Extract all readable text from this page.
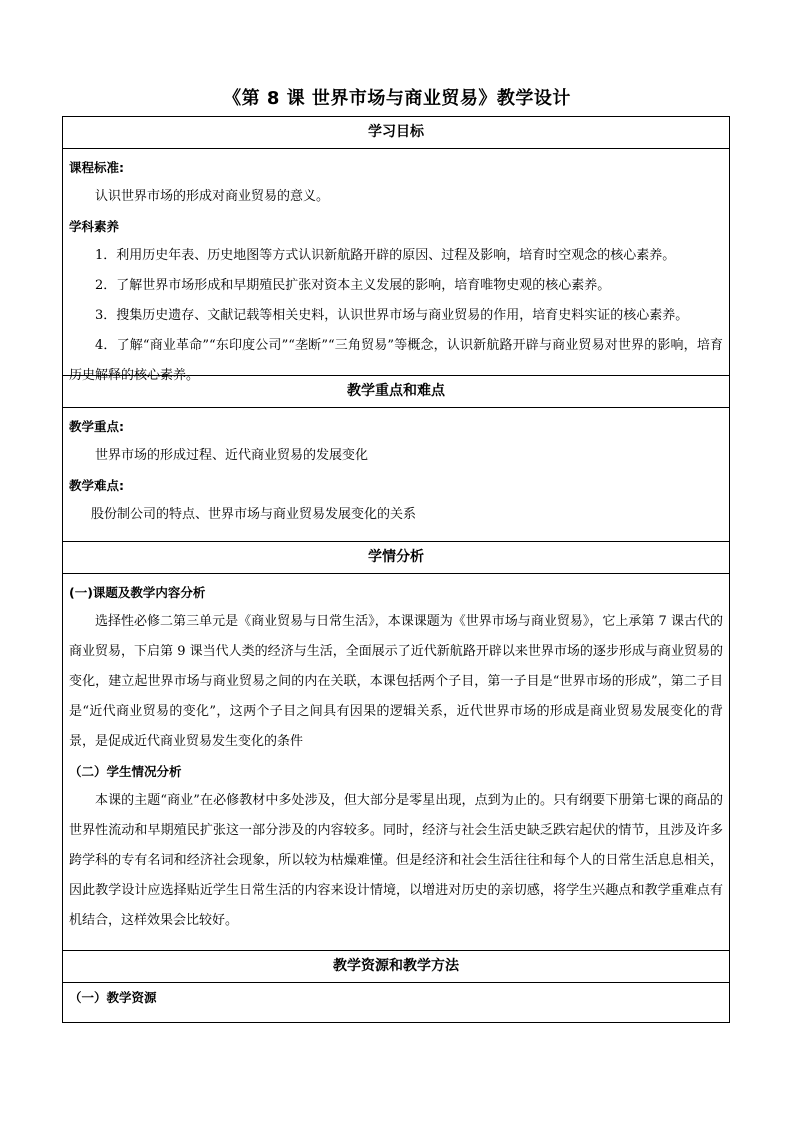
《第 8 课 世界市场与商业贸易》教学设计
学习目标
课程标准:

认识世界市场的形成对商业贸易的意义。

学科素养

1．利用历史年表、历史地图等方式认识新航路开辟的原因、过程及影响，培育时空观念的核心素养。

2．了解世界市场形成和早期殖民扩张对资本主义发展的影响，培育唯物史观的核心素养。

3．搜集历史遗存、文献记载等相关史料，认识世界市场与商业贸易的作用，培育史料实证的核心素养。

4．了解“商业革命”“东印度公司”“垄断”“三角贸易”等概念，认识新航路开辟与商业贸易对世界的影响，培育历史解释的核心素养。

教学重点和难点
教学重点:

世界市场的形成过程、近代商业贸易的发展变化

教学难点:

股份制公司的特点、世界市场与商业贸易发展变化的关系

学情分析
(一)课题及教学内容分析

选择性必修二第三单元是《商业贸易与日常生活》，本课课题为《世界市场与商业贸易》，它上承第 7 课古代的商业贸易，下启第 9 课当代人类的经济与生活，全面展示了近代新航路开辟以来世界市场的逐步形成与商业贸易的变化，建立起世界市场与商业贸易之间的内在关联，本课包括两个子目，第一子目是“世界市场的形成”，第二子目是“近代商业贸易的变化”，这两个子目之间具有因果的逻辑关系，近代世界市场的形成是商业贸易发展变化的背景，是促成近代商业贸易发生变化的条件

（二）学生情况分析

本课的主题“商业”在必修教材中多处涉及，但大部分是零星出现，点到为止的。只有纲要下册第七课的商品的世界性流动和早期殖民扩张这一部分涉及的内容较多。同时，经济与社会生活史缺乏跌宕起伏的情节，且涉及许多跨学科的专有名词和经济社会现象，所以较为枯燥难懂。但是经济和社会生活往往和每个人的日常生活息息相关，因此教学设计应选择贴近学生日常生活的内容来设计情境，以增进对历史的亲切感，将学生兴趣点和教学重难点有机结合，这样效果会比较好。

教学资源和教学方法
（一）教学资源
